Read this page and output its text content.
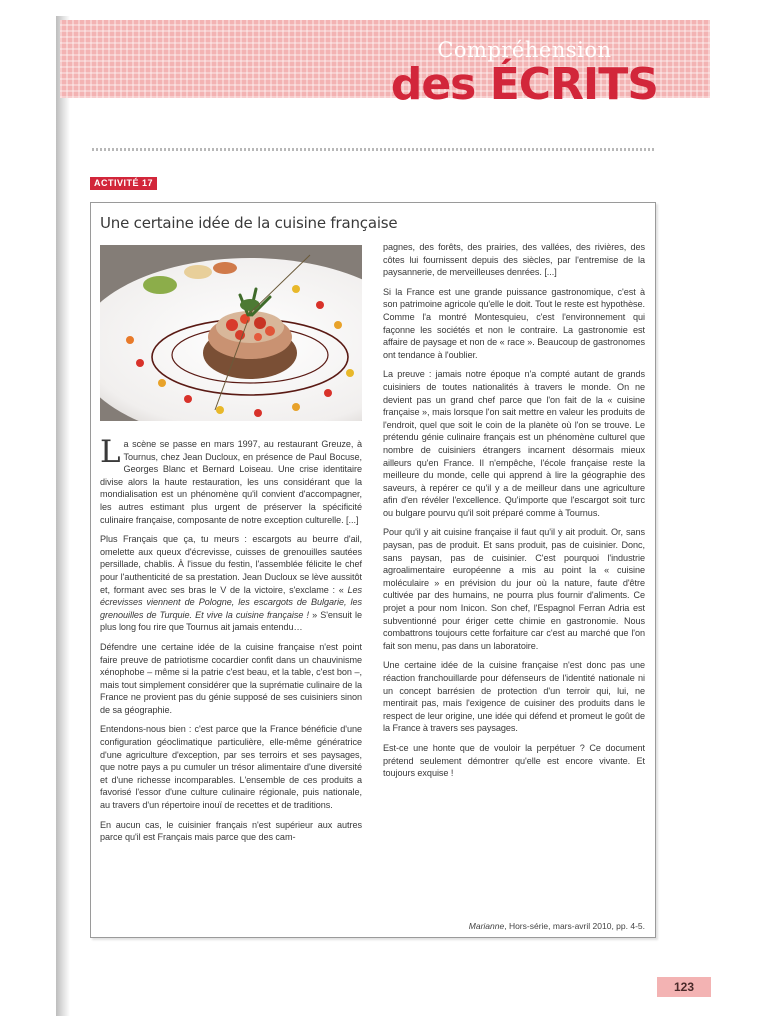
Compréhension
des ÉCRITS
ACTIVITÉ 17
Une certaine idée de la cuisine française

La scène se passe en mars 1997, au restaurant Greuze, à Tournus, chez Jean Ducloux, en présence de Paul Bocuse, Georges Blanc et Bernard Loiseau. Une crise identitaire divise alors la haute restauration, les uns considérant que la mondialisation est un phénomène qu'il convient d'accompagner, les autres estimant plus urgent de préserver la spécificité culinaire française, composante de notre exception culturelle. [...]

Plus Français que ça, tu meurs : escargots au beurre d'ail, omelette aux queux d'écrevisse, cuisses de grenouilles sautées persillade, chablis. À l'issue du festin, l'assemblée félicite le chef pour l'authenticité de sa prestation. Jean Ducloux se lève aussitôt et, formant avec ses bras le V de la victoire, s'exclame : « Les écrevisses viennent de Pologne, les escargots de Bulgarie, les grenouilles de Turquie. Et vive la cuisine française ! » S'ensuit le plus long fou rire que Tournus ait jamais entendu…

Défendre une certaine idée de la cuisine française n'est point faire preuve de patriotisme cocardier confit dans un chauvinisme xénophobe – même si la patrie c'est beau, et la table, c'est bon –, mais tout simplement considérer que la suprématie culinaire de la France ne provient pas du génie supposé de ses cuisiniers sinon de sa géographie.

Entendons-nous bien : c'est parce que la France bénéficie d'une configuration géoclimatique particulière, elle-même génératrice d'une agriculture d'exception, par ses terroirs et ses paysages, que notre pays a pu cumuler un trésor alimentaire d'une diversité et d'une richesse incomparables. L'ensemble de ces produits a favorisé l'essor d'une culture culinaire régionale, puis nationale, au travers d'un répertoire inouï de recettes et de traditions.

En aucun cas, le cuisinier français n'est supérieur aux autres parce qu'il est Français mais parce que des cam-

pagnes, des forêts, des prairies, des vallées, des rivières, des côtes lui fournissent depuis des siècles, par l'entremise de la paysannerie, de merveilleuses denrées. [...]

Si la France est une grande puissance gastronomique, c'est à son patrimoine agricole qu'elle le doit. Tout le reste est hypothèse. Comme l'a montré Montesquieu, c'est l'environnement qui façonne les sociétés et non le contraire. La gastronomie est affaire de paysage et non de « race ». Beaucoup de gastronomes ont tendance à l'oublier.

La preuve : jamais notre époque n'a compté autant de grands cuisiniers de toutes nationalités à travers le monde. On ne devient pas un grand chef parce que l'on fait de la « cuisine française », mais lorsque l'on sait mettre en valeur les produits de l'endroit, quel que soit le coin de la planète où l'on se trouve. Le prétendu génie culinaire français est un phénomène culturel que nombre de cuisiniers étrangers incarnent désormais mieux ailleurs qu'en France. Il n'empêche, l'école française reste la meilleure du monde, celle qui apprend à lire la géographie des saveurs, à repérer ce qu'il y a de meilleur dans une agriculture afin d'en révéler l'excellence. Qu'importe que l'escargot soit turc ou bulgare pourvu qu'il soit préparé comme à Tournus.

Pour qu'il y ait cuisine française il faut qu'il y ait produit. Or, sans paysan, pas de produit. Et sans produit, pas de cuisinier. Donc, sans paysan, pas de cuisinier. C'est pourquoi l'industrie agroalimentaire européenne a mis au point la « cuisine moléculaire » en prévision du jour où la nature, faute d'être cultivée par des humains, ne pourra plus fournir d'aliments. Ce projet a pour nom Inicon. Son chef, l'Espagnol Ferran Adria est subventionné pour ériger cette chimie en gastronomie. Nous combattrons toujours cette forfaiture car c'est au marché que l'on fait son menu, pas dans un laboratoire.

Une certaine idée de la cuisine française n'est donc pas une réaction franchouillarde pour défenseurs de l'identité nationale ni un concept barrésien de protection d'un terroir qui, lui, ne mentirait pas, mais l'exigence de cuisiner des produits dans le respect de leur origine, une idée qui défend et promeut le goût de la France à travers ses paysages.

Est-ce une honte que de vouloir la perpétuer ? Ce document prétend seulement démontrer qu'elle est encore vivante. Et toujours exquise !

Marianne, Hors-série, mars-avril 2010, pp. 4-5.
123
